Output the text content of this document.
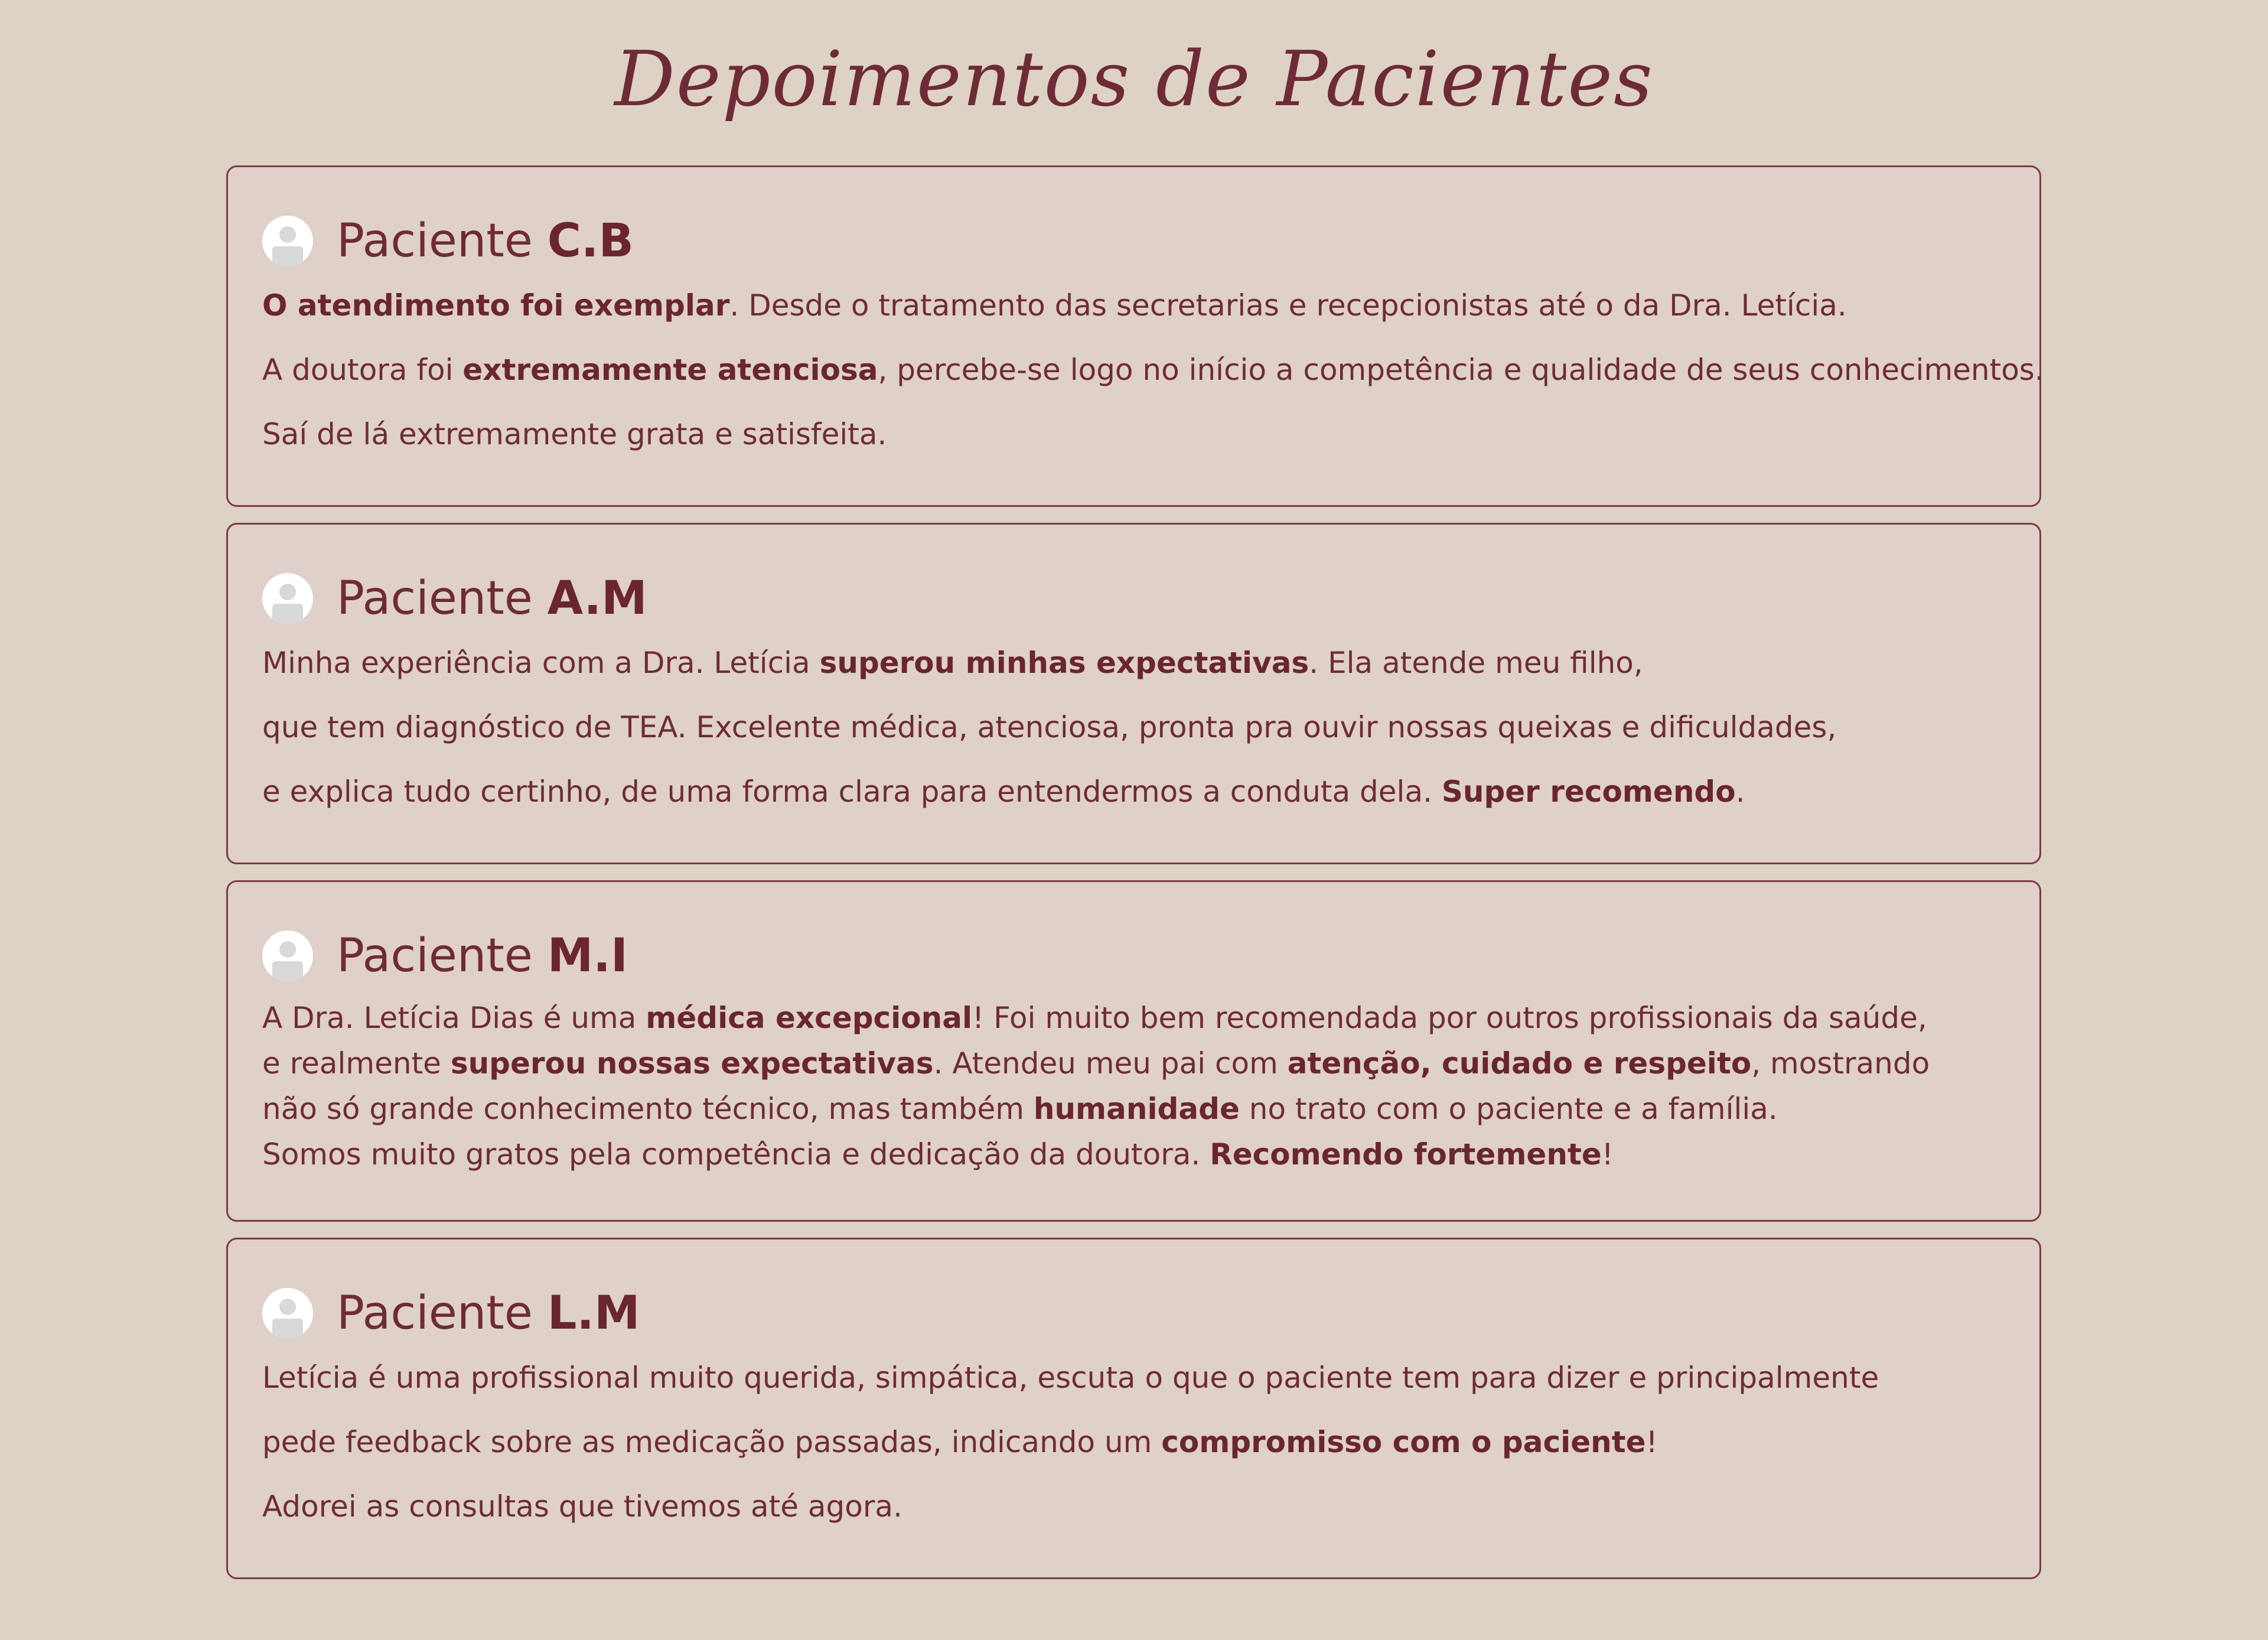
Depoimentos de Pacientes
Paciente C.B

O atendimento foi exemplar. Desde o tratamento das secretarias e recepcionistas até o da Dra. Letícia.

A doutora foi extremamente atenciosa, percebe-se logo no início a competência e qualidade de seus conhecimentos.

Saí de lá extremamente grata e satisfeita.

Paciente A.M

Minha experiência com a Dra. Letícia superou minhas expectativas. Ela atende meu filho,

que tem diagnóstico de TEA. Excelente médica, atenciosa, pronta pra ouvir nossas queixas e dificuldades,

e explica tudo certinho, de uma forma clara para entendermos a conduta dela. Super recomendo.

Paciente M.I

A Dra. Letícia Dias é uma médica excepcional! Foi muito bem recomendada por outros profissionais da saúde,

e realmente superou nossas expectativas. Atendeu meu pai com atenção, cuidado e respeito, mostrando

não só grande conhecimento técnico, mas também humanidade no trato com o paciente e a família.

Somos muito gratos pela competência e dedicação da doutora. Recomendo fortemente!

Paciente L.M

Letícia é uma profissional muito querida, simpática, escuta o que o paciente tem para dizer e principalmente

pede feedback sobre as medicação passadas, indicando um compromisso com o paciente!

Adorei as consultas que tivemos até agora.
